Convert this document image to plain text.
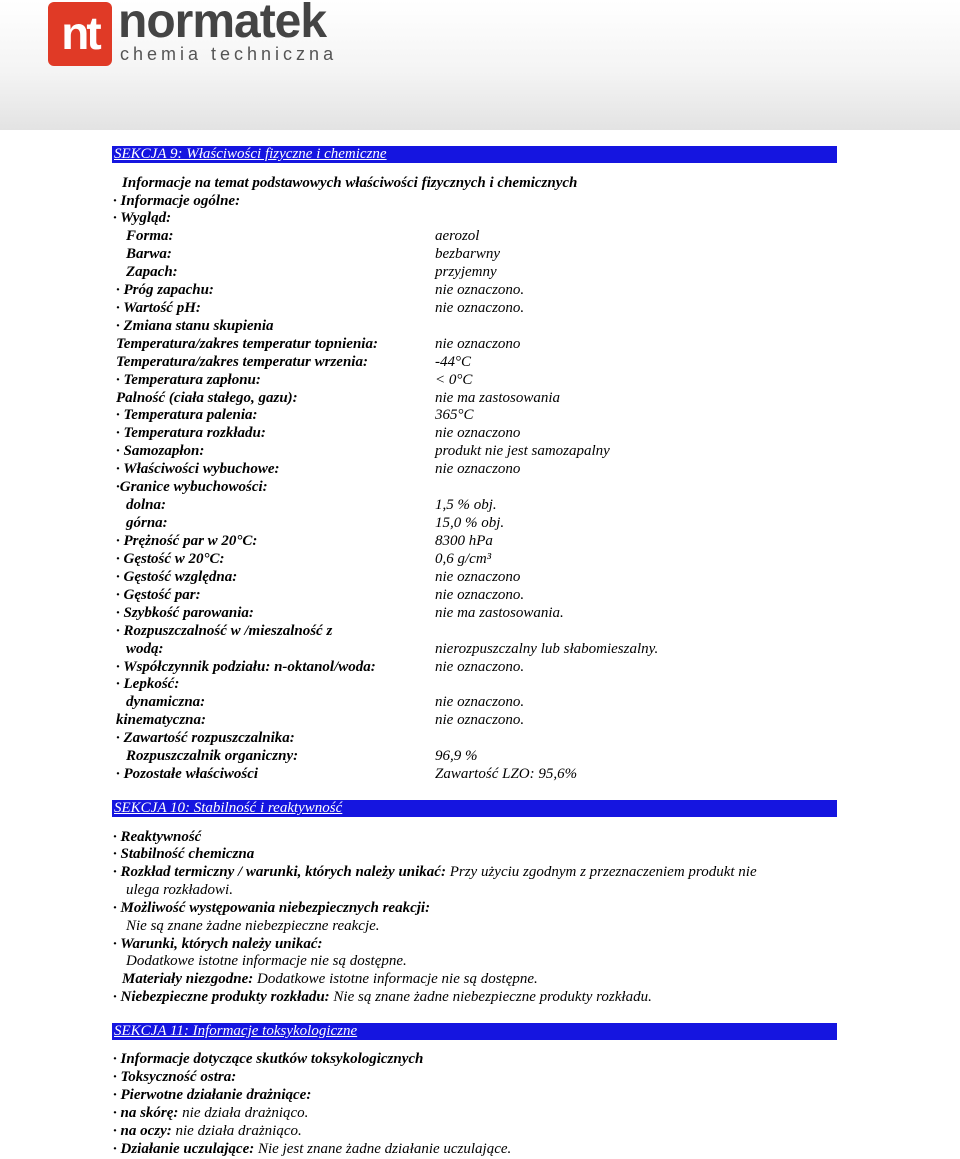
nt normatek
chemia techniczna
SEKCJA 9: Właściwości fizyczne i chemiczne
Informacje na temat podstawowych właściwości fizycznych i chemicznych
· Informacje ogólne:
· Wygląd:
Forma:	aerozol
Barwa:	bezbarwny
Zapach:	przyjemny
· Próg zapachu:	nie oznaczono.
· Wartość pH:	nie oznaczono.
· Zmiana stanu skupienia
Temperatura/zakres temperatur topnienia:	nie oznaczono
Temperatura/zakres temperatur wrzenia:	-44°C
· Temperatura zapłonu:	< 0°C
Palność (ciała stałego, gazu):	nie ma zastosowania
· Temperatura palenia:	365°C
· Temperatura rozkładu:	nie oznaczono
· Samozapłon:	produkt nie jest samozapalny
· Właściwości wybuchowe:	nie oznaczono
·Granice wybuchowości:
dolna:	1,5 % obj.
górna:	15,0 % obj.
· Prężność par w 20°C:	8300 hPa
· Gęstość w 20°C:	0,6 g/cm³
· Gęstość względna:	nie oznaczono
· Gęstość par:	nie oznaczono.
· Szybkość parowania:	nie ma zastosowania.
· Rozpuszczalność w /mieszalność z
wodą:	nierozpuszczalny lub słabomieszalny.
· Współczynnik podziału: n-oktanol/woda:	nie oznaczono.
· Lepkość:
dynamiczna:	nie oznaczono.
kinematyczna:	nie oznaczono.
· Zawartość rozpuszczalnika:
Rozpuszczalnik organiczny:	96,9 %
· Pozostałe właściwości	Zawartość LZO: 95,6%
SEKCJA 10: Stabilność i reaktywność
· Reaktywność
· Stabilność chemiczna
· Rozkład termiczny / warunki, których należy unikać: Przy użyciu zgodnym z przeznaczeniem produkt nie
ulega rozkładowi.
· Możliwość występowania niebezpiecznych reakcji:
Nie są znane żadne niebezpieczne reakcje.
· Warunki, których należy unikać:
Dodatkowe istotne informacje nie są dostępne.
Materiały niezgodne: Dodatkowe istotne informacje nie są dostępne.
· Niebezpieczne produkty rozkładu: Nie są znane żadne niebezpieczne produkty rozkładu.
SEKCJA 11: Informacje toksykologiczne
· Informacje dotyczące skutków toksykologicznych
· Toksyczność ostra:
· Pierwotne działanie drażniące:
· na skórę: nie działa drażniąco.
· na oczy: nie działa drażniąco.
· Działanie uczulające: Nie jest znane żadne działanie uczulające.
